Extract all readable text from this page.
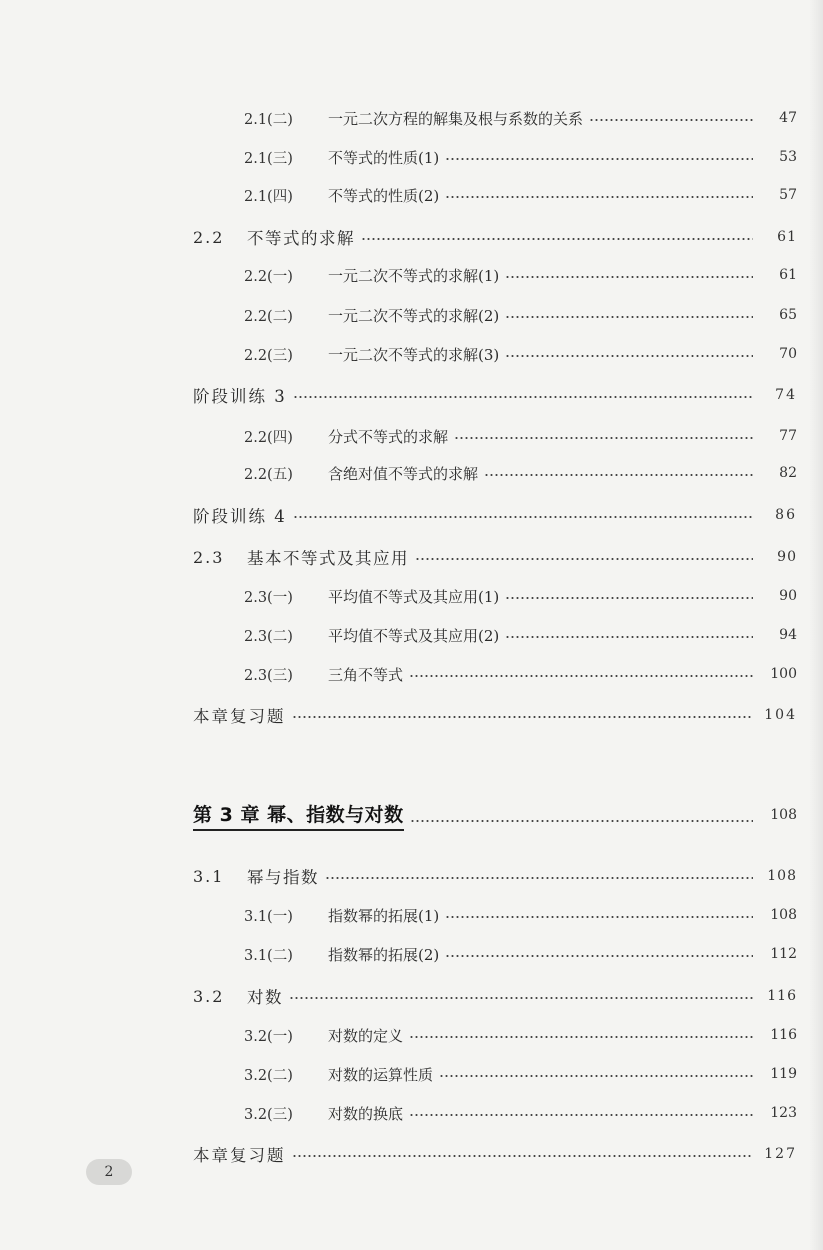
2.1(二)	一元二次方程的解集及根与系数的关系	47
2.1(三)	不等式的性质(1)	53
2.1(四)	不等式的性质(2)	57
2.2	不等式的求解	61
2.2(一)	一元二次不等式的求解(1)	61
2.2(二)	一元二次不等式的求解(2)	65
2.2(三)	一元二次不等式的求解(3)	70
阶段训练 3	74
2.2(四)	分式不等式的求解	77
2.2(五)	含绝对值不等式的求解	82
阶段训练 4	86
2.3	基本不等式及其应用	90
2.3(一)	平均值不等式及其应用(1)	90
2.3(二)	平均值不等式及其应用(2)	94
2.3(三)	三角不等式	100
本章复习题	104
第 3 章 幂、指数与对数	108
3.1	幂与指数	108
3.1(一)	指数幂的拓展(1)	108
3.1(二)	指数幂的拓展(2)	112
3.2	对数	116
3.2(一)	对数的定义	116
3.2(二)	对数的运算性质	119
3.2(三)	对数的换底	123
本章复习题	127
2
